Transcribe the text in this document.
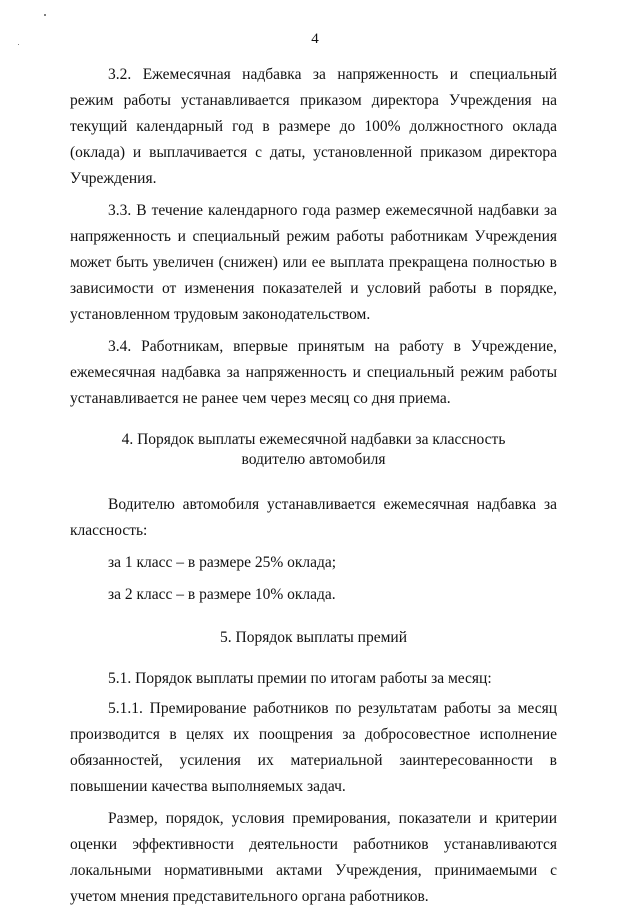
4

3.2. Ежемесячная надбавка за напряженность и специальный режим работы устанавливается приказом директора Учреждения на текущий календарный год в размере до 100% должностного оклада (оклада) и выплачивается с даты, установленной приказом директора Учреждения.

3.3. В течение календарного года размер ежемесячной надбавки за напряженность и специальный режим работы работникам Учреждения может быть увеличен (снижен) или ее выплата прекращена полностью в зависимости от изменения показателей и условий работы в порядке, установленном трудовым законодательством.

3.4. Работникам, впервые принятым на работу в Учреждение, ежемесячная надбавка за напряженность и специальный режим работы устанавливается не ранее чем через месяц со дня приема.

4. Порядок выплаты ежемесячной надбавки за классность
водителю автомобиля

Водителю автомобиля устанавливается ежемесячная надбавка за классность:

за 1 класс – в размере 25% оклада;

за 2 класс – в размере 10% оклада.

5. Порядок выплаты премий

5.1. Порядок выплаты премии по итогам работы за месяц:

5.1.1. Премирование работников по результатам работы за месяц производится в целях их поощрения за добросовестное исполнение обязанностей, усиления их материальной заинтересованности в повышении качества выполняемых задач.

Размер, порядок, условия премирования, показатели и критерии оценки эффективности деятельности работников устанавливаются локальными нормативными актами Учреждения, принимаемыми с учетом мнения представительного органа работников.
